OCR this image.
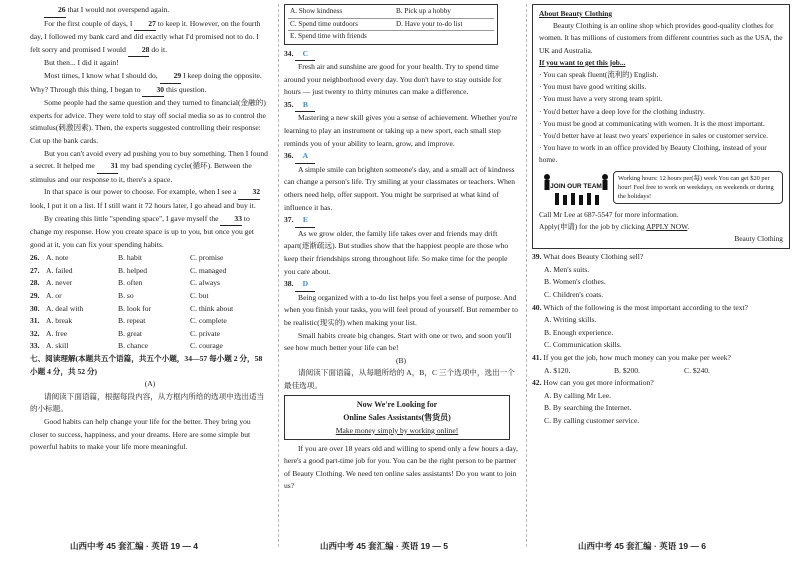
26 that I would not overspend again.

For the first couple of days, I 27 to keep it. However, on the fourth day, I followed my bank card and did exactly what I'd promised not to do. I felt sorry and promised I would 28 do it.

But then... I did it again!

Most times, I know what I should do, 29 I keep doing the opposite. Why? Through this thing, I began to 30 this question.

Some people had the same question and they turned to financial(金融的) experts for advice. They were told to stay off social media so as to control the stimulus(刺激因素). Then, the experts suggested controlling their response: Cut up the bank cards.

But you can't avoid every ad pushing you to buy something. Then I found a secret. It helped me 31 my bad spending cycle(循环). Between the stimulus and our response to it, there's a space.

In that space is our power to choose. For example, when I see a 32 look, I put it on a list. If I still want it 72 hours later, I go ahead and buy it.

By creating this little "spending space", I gave myself the 33 to change my response. How you create space is up to you, but once you get good at it, you can fix your spending habits.

26. A. note	B. habit	C. promise
27. A. failed	B. helped	C. managed
28. A. never	B. often	C. always
29. A. or	B. so	C. but
30. A. deal with	B. look for	C. think about
31. A. break	B. repeat	C. complete
32. A. free	B. great	C. private
33. A. skill	B. chance	C. courage

七、阅读理解(本题共五个语篇，共五个小题，34—57 每小题 2 分，58 小题 4 分，共 52 分)

(A)

请阅读下面语篇，根据每段内容，从方框内所给的选项中选出适当的小标题。

Good habits can help change your life for the better. They bring you closer to success, happiness, and your dreams. Here are some simple but powerful habits to make your life more meaningful.

A. Show kindness	B. Pick up a hobby
C. Spend time outdoors	D. Have your to-do list
E. Spend time with friends

34. C

Fresh air and sunshine are good for your health. Try to spend time around your neighborhood every day. You don't have to stay outside for hours — just twenty to thirty minutes can make a difference.

35. B

Mastering a new skill gives you a sense of achievement. Whether you're learning to play an instrument or taking up a new sport, each small step reminds you of your ability to learn, grow, and improve.

36. A

A simple smile can brighten someone's day, and a small act of kindness can change a person's life. Try smiling at your classmates or teachers. When others need help, offer support. You might be surprised at what kind of influence it has.

37. E

As we grow older, the family life takes over and friends may drift apart(逐渐疏远). But studies show that the happiest people are those who keep their friendships strong throughout life. So make time for the people you care about.

38. D

Being organized with a to-do list helps you feel a sense of purpose. And when you finish your tasks, you will feel proud of yourself. But remember to be realistic(现实的) when making your list.

Small habits create big changes. Start with one or two, and soon you'll see how much better your life can be!

(B)

请阅读下面语篇，从每题所给的 A，B，C 三个选项中，选出一个最佳选项。

Now We're Looking for
Online Sales Assistants(售货员)
Make money simply by working online!

If you are over 18 years old and willing to spend only a few hours a day, here's a good part-time job for you. You can be the right person to be partner of Beauty Clothing. We need ten online sales assistants! Do you want to join us?

About Beauty Clothing

Beauty Clothing is an online shop which provides good-quality clothes for women. It has millions of customers from different countries such as the USA, the UK and Australia.

If you want to get this job...

· You can speak fluent(流利的) English.

· You must have good writing skills.

· You must have a very strong team spirit.

· You'd better have a deep love for the clothing industry.

· You must be good at communicating with women. It is the most important.

· You'd better have at least two years' experience in sales or customer service.

· You have to work in an office provided by Beauty Clothing, instead of your home.

JOIN OUR TEAM
Working hours: 12 hours per(每) week You can get $20 per hour! Feel free to work on weekdays, on weekends or during the holidays!

Call Mr Lee at 687-5547 for more information.

Apply(申请) for the job by clicking APPLY NOW.

Beauty Clothing

39. What does Beauty Clothing sell?

A. Men's suits.

B. Women's clothes.

C. Children's coats.

40. Which of the following is the most important according to the text?

A. Writing skills.

B. Enough experience.

C. Communication skills.

41. If you get the job, how much money can you make per week?

A. $120.	B. $200.	C. $240.

42. How can you get more information?

A. By calling Mr Lee.

B. By searching the Internet.

C. By calling customer service.

山西中考 45 套汇编 · 英语 19 — 4	山西中考 45 套汇编 · 英语 19 — 5	山西中考 45 套汇编 · 英语 19 — 6
